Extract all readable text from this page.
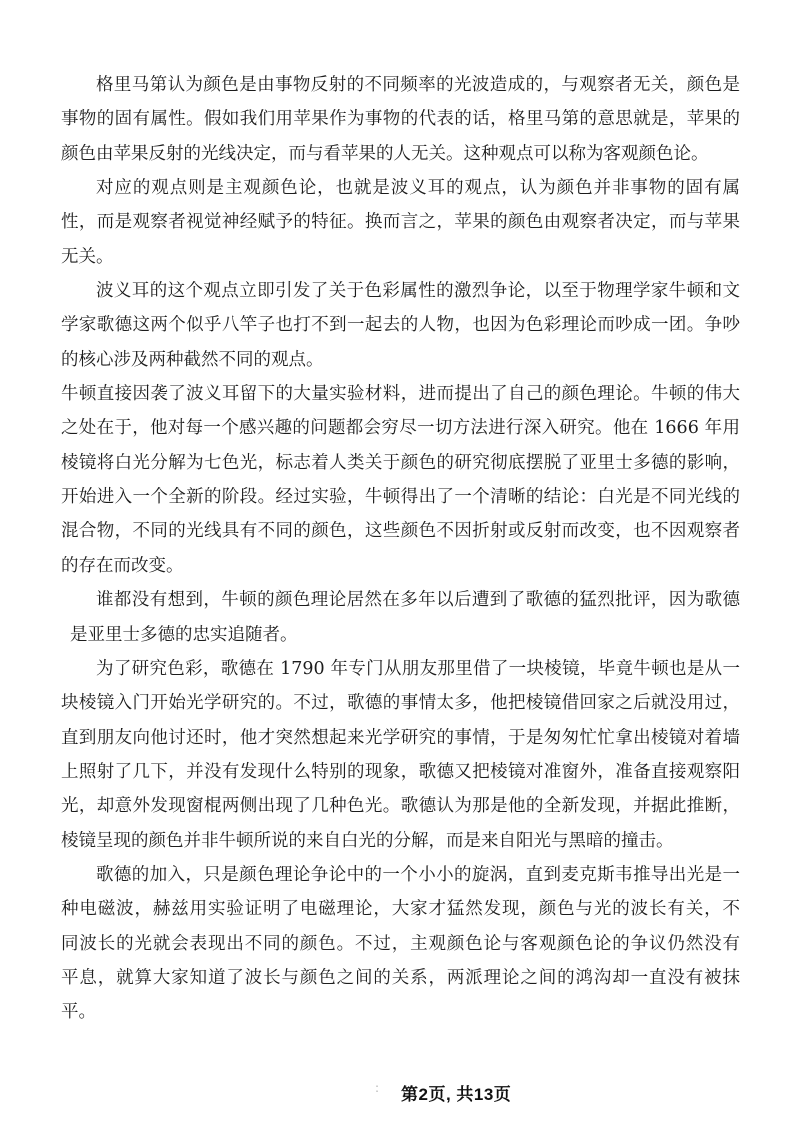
格里马第认为颜色是由事物反射的不同频率的光波造成的，与观察者无关，颜色是
事物的固有属性。假如我们用苹果作为事物的代表的话，格里马第的意思就是，苹果的
颜色由苹果反射的光线决定，而与看苹果的人无关。这种观点可以称为客观颜色论。
对应的观点则是主观颜色论，也就是波义耳的观点，认为颜色并非事物的固有属
性，而是观察者视觉神经赋予的特征。换而言之，苹果的颜色由观察者决定，而与苹果
无关。
波义耳的这个观点立即引发了关于色彩属性的激烈争论，以至于物理学家牛顿和文
学家歌德这两个似乎八竿子也打不到一起去的人物，也因为色彩理论而吵成一团。争吵
的核心涉及两种截然不同的观点。
牛顿直接因袭了波义耳留下的大量实验材料，进而提出了自己的颜色理论。牛顿的伟大
之处在于，他对每一个感兴趣的问题都会穷尽一切方法进行深入研究。他在 1666 年用
棱镜将白光分解为七色光，标志着人类关于颜色的研究彻底摆脱了亚里士多德的影响，
开始进入一个全新的阶段。经过实验，牛顿得出了一个清晰的结论：白光是不同光线的
混合物，不同的光线具有不同的颜色，这些颜色不因折射或反射而改变，也不因观察者
的存在而改变。
谁都没有想到，牛顿的颜色理论居然在多年以后遭到了歌德的猛烈批评，因为歌德
是亚里士多德的忠实追随者。
为了研究色彩，歌德在 1790 年专门从朋友那里借了一块棱镜，毕竟牛顿也是从一
块棱镜入门开始光学研究的。不过，歌德的事情太多，他把棱镜借回家之后就没用过，
直到朋友向他讨还时，他才突然想起来光学研究的事情，于是匆匆忙忙拿出棱镜对着墙
上照射了几下，并没有发现什么特别的现象，歌德又把棱镜对准窗外，准备直接观察阳
光，却意外发现窗棍两侧出现了几种色光。歌德认为那是他的全新发现，并据此推断，
棱镜呈现的颜色并非牛顿所说的来自白光的分解，而是来自阳光与黑暗的撞击。
歌德的加入，只是颜色理论争论中的一个小小的旋涡，直到麦克斯韦推导出光是一
种电磁波，赫兹用实验证明了电磁理论，大家才猛然发现，颜色与光的波长有关，不
同波长的光就会表现出不同的颜色。不过，主观颜色论与客观颜色论的争议仍然没有
平息，就算大家知道了波长与颜色之间的关系，两派理论之间的鸿沟却一直没有被抹
平。
: 第2页, 共13页
